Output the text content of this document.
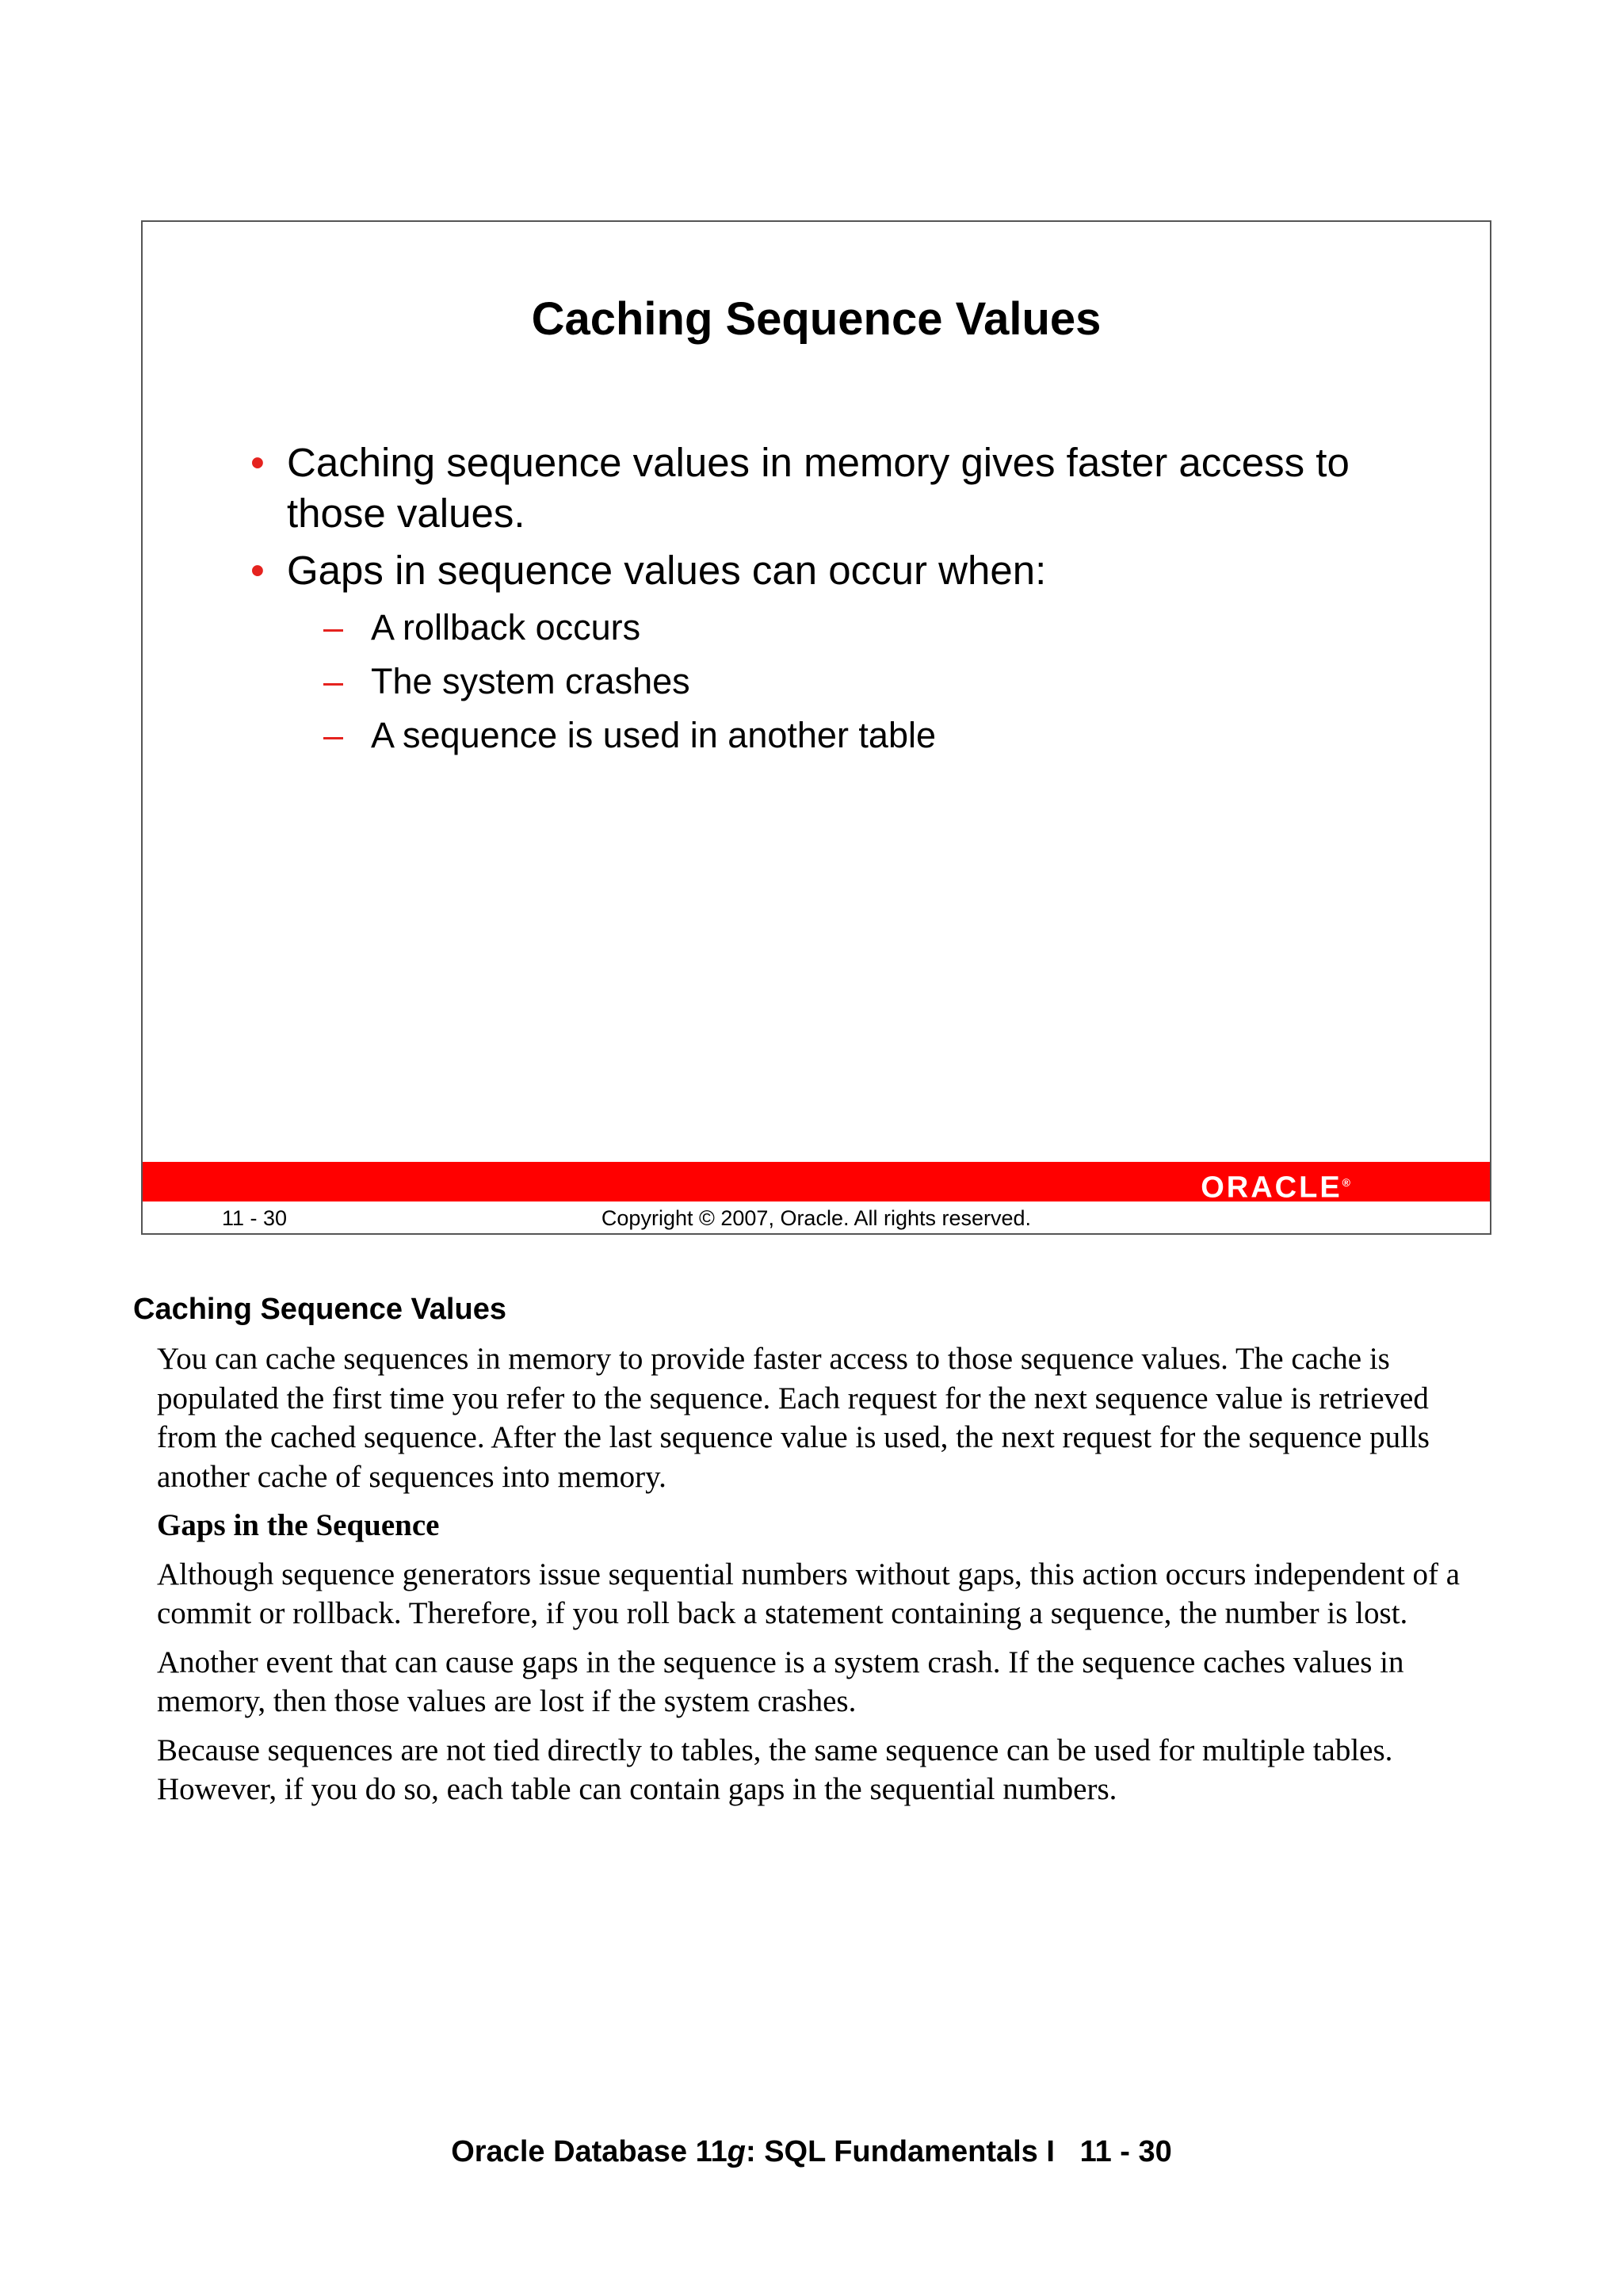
Caching Sequence Values
• Caching sequence values in memory gives faster access to those values.
• Gaps in sequence values can occur when:
– A rollback occurs
– The system crashes
– A sequence is used in another table
ORACLE®
Copyright © 2007, Oracle. All rights reserved.
11 - 30
Caching Sequence Values

You can cache sequences in memory to provide faster access to those sequence values. The cache is populated the first time you refer to the sequence. Each request for the next sequence value is retrieved from the cached sequence. After the last sequence value is used, the next request for the sequence pulls another cache of sequences into memory.

Gaps in the Sequence

Although sequence generators issue sequential numbers without gaps, this action occurs independent of a commit or rollback. Therefore, if you roll back a statement containing a sequence, the number is lost.

Another event that can cause gaps in the sequence is a system crash. If the sequence caches values in memory, then those values are lost if the system crashes.

Because sequences are not tied directly to tables, the same sequence can be used for multiple tables. However, if you do so, each table can contain gaps in the sequential numbers.

Oracle Database 11g: SQL Fundamentals I   11 - 30
